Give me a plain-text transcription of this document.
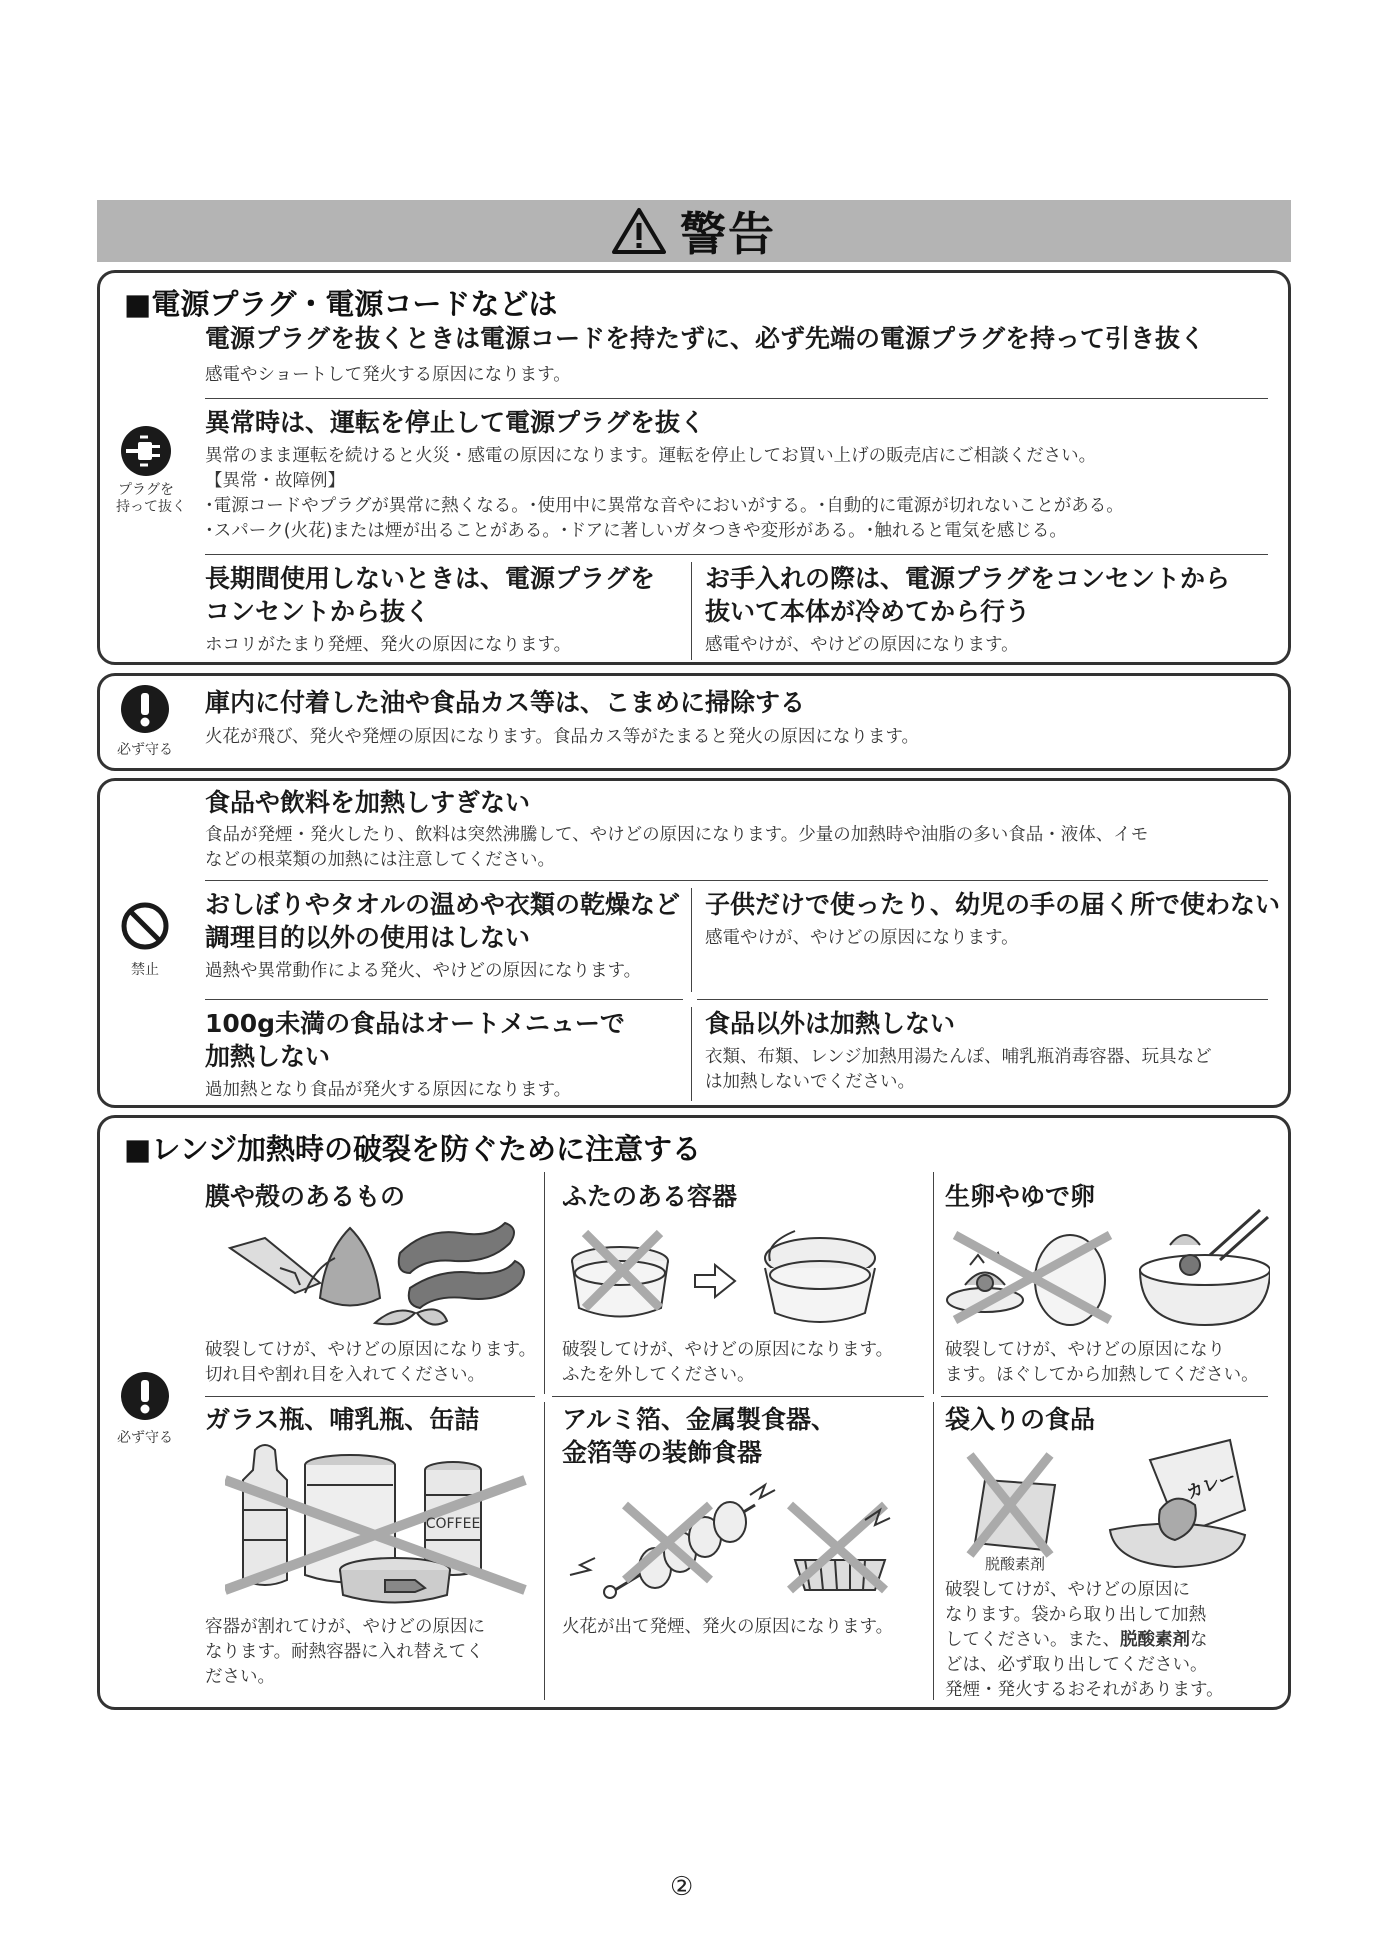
警告
■電源プラグ・電源コードなどは
プラグを
持って抜く
電源プラグを抜くときは電源コードを持たずに、必ず先端の電源プラグを持って引き抜く
感電やショートして発火する原因になります。
異常時は、運転を停止して電源プラグを抜く
異常のまま運転を続けると火災・感電の原因になります。運転を停止してお買い上げの販売店にご相談ください。
【異常・故障例】
･電源コードやプラグが異常に熱くなる。･使用中に異常な音やにおいがする。･自動的に電源が切れないことがある。
･スパーク(火花)または煙が出ることがある。･ドアに著しいガタつきや変形がある。･触れると電気を感じる。
長期間使用しないときは、電源プラグを
コンセントから抜く
ホコリがたまり発煙、発火の原因になります。
お手入れの際は、電源プラグをコンセントから
抜いて本体が冷めてから行う
感電やけが、やけどの原因になります。
必ず守る
庫内に付着した油や食品カス等は、こまめに掃除する
火花が飛び、発火や発煙の原因になります。食品カス等がたまると発火の原因になります。
禁止
食品や飲料を加熱しすぎない
食品が発煙・発火したり、飲料は突然沸騰して、やけどの原因になります。少量の加熱時や油脂の多い食品・液体、イモ
などの根菜類の加熱には注意してください。
おしぼりやタオルの温めや衣類の乾燥など
調理目的以外の使用はしない
過熱や異常動作による発火、やけどの原因になります。
子供だけで使ったり、幼児の手の届く所で使わない
感電やけが、やけどの原因になります。
100g未満の食品はオートメニューで
加熱しない
過加熱となり食品が発火する原因になります。
食品以外は加熱しない
衣類、布類、レンジ加熱用湯たんぽ、哺乳瓶消毒容器、玩具など
は加熱しないでください。
■レンジ加熱時の破裂を防ぐために注意する
必ず守る
膜や殻のあるもの
破裂してけが、やけどの原因になります。
切れ目や割れ目を入れてください。
ふたのある容器
破裂してけが、やけどの原因になります。
ふたを外してください。
生卵やゆで卵
破裂してけが、やけどの原因になり
ます。ほぐしてから加熱してください。
ガラス瓶、哺乳瓶、缶詰
COFFEE
容器が割れてけが、やけどの原因に
なります。耐熱容器に入れ替えてく
ださい。
アルミ箔、金属製食器、
金箔等の装飾食器
火花が出て発煙、発火の原因になります。
袋入りの食品
カレー
脱酸素剤
破裂してけが、やけどの原因に
なります。袋から取り出して加熱
してください。また、脱酸素剤な
どは、必ず取り出してください。
発煙・発火するおそれがあります。
②
